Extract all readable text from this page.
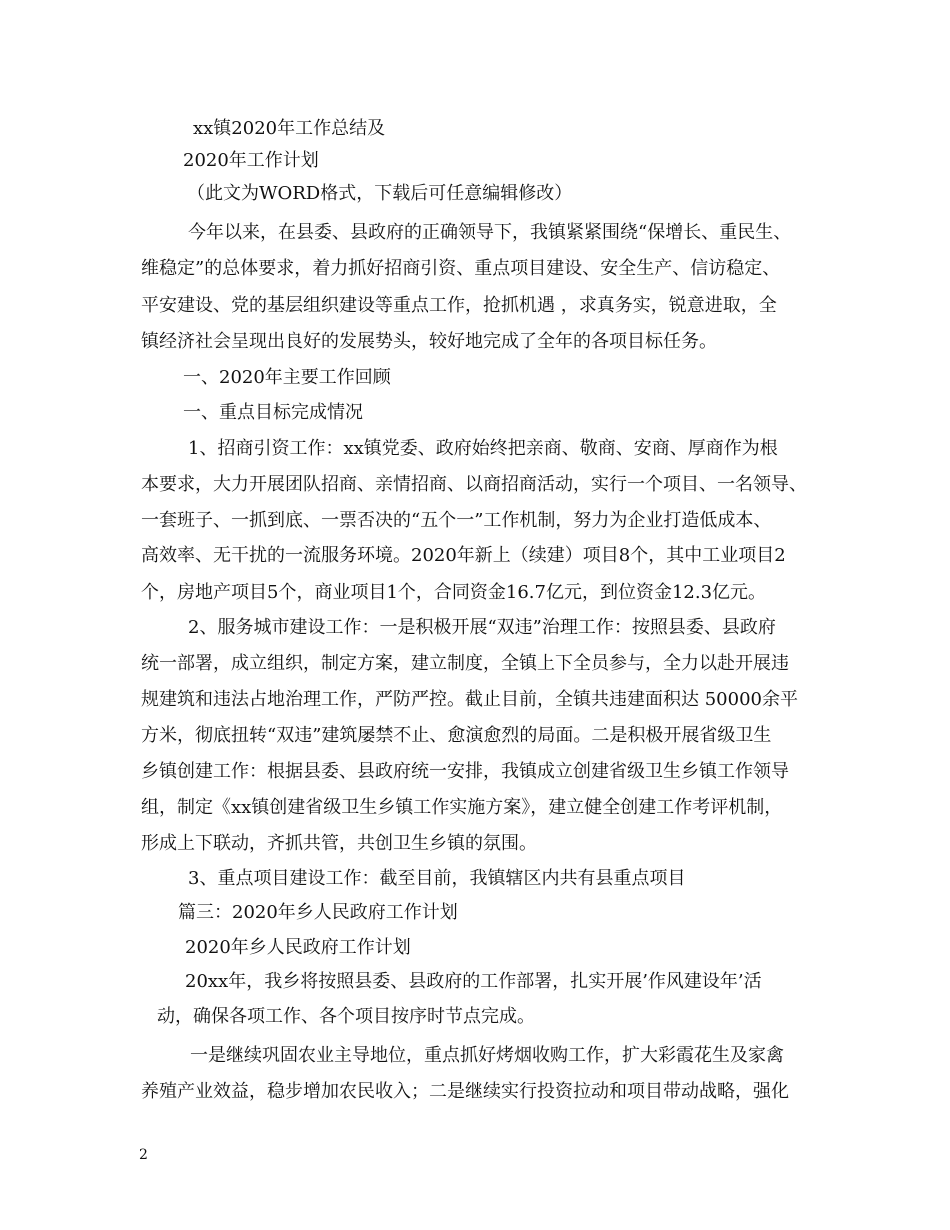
xx镇2020年工作总结及
2020年工作计划
（此文为WORD格式，下载后可任意编辑修改）
今年以来，在县委、县政府的正确领导下，我镇紧紧围绕“保增长、重民生、
维稳定”的总体要求，着力抓好招商引资、重点项目建设、安全生产、信访稳定、
平安建设、党的基层组织建设等重点工作，抢抓机遇 ，求真务实，锐意进取，全
镇经济社会呈现出良好的发展势头，较好地完成了全年的各项目标任务。
一、2020年主要工作回顾
一、重点目标完成情况
1、招商引资工作：xx镇党委、政府始终把亲商、敬商、安商、厚商作为根
本要求，大力开展团队招商、亲情招商、以商招商活动，实行一个项目、一名领导、
一套班子、一抓到底、一票否决的“五个一”工作机制，努力为企业打造低成本、
高效率、无干扰的一流服务环境。2020年新上（续建）项目8个，其中工业项目2
个，房地产项目5个，商业项目1个，合同资金16.7亿元，到位资金12.3亿元。
2、服务城市建设工作：一是积极开展“双违”治理工作：按照县委、县政府
统一部署，成立组织，制定方案，建立制度，全镇上下全员参与，全力以赴开展违
规建筑和违法占地治理工作，严防严控。截止目前，全镇共违建面积达 50000余平
方米，彻底扭转“双违”建筑屡禁不止、愈演愈烈的局面。二是积极开展省级卫生
乡镇创建工作：根据县委、县政府统一安排，我镇成立创建省级卫生乡镇工作领导
组，制定《xx镇创建省级卫生乡镇工作实施方案》，建立健全创建工作考评机制，
形成上下联动，齐抓共管，共创卫生乡镇的氛围。
3、重点项目建设工作：截至目前，我镇辖区内共有县重点项目
篇三：2020年乡人民政府工作计划
2020年乡人民政府工作计划
20xx年，我乡将按照县委、县政府的工作部署，扎实开展’作风建设年’活
动，确保各项工作、各个项目按序时节点完成。
一是继续巩固农业主导地位，重点抓好烤烟收购工作，扩大彩霞花生及家禽
养殖产业效益，稳步增加农民收入；二是继续实行投资拉动和项目带动战略，强化
2
